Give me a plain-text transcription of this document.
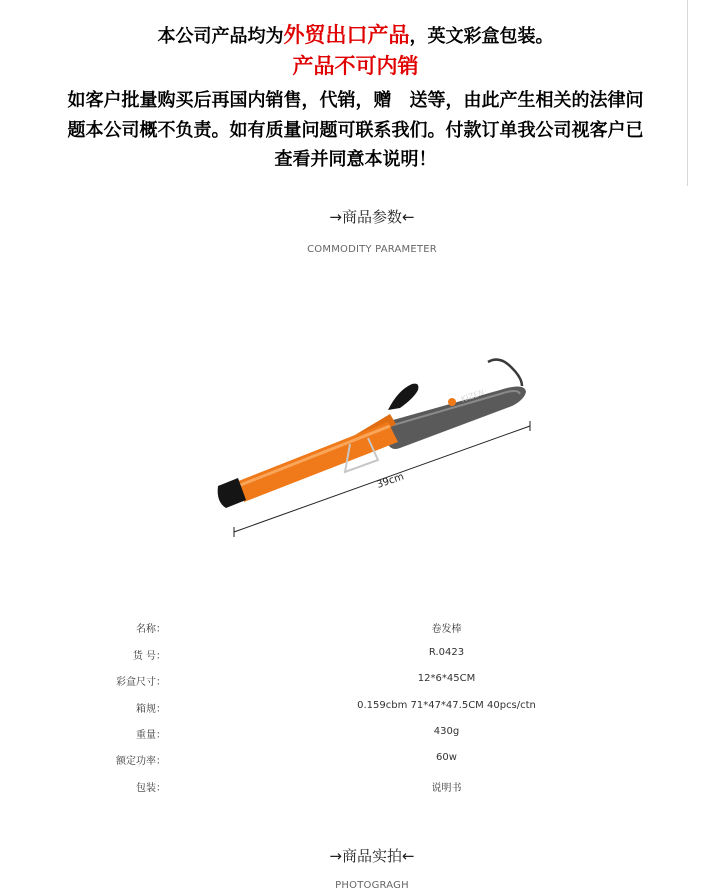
本公司产品均为外贸出口产品，英文彩盒包装。
产品不可内销
如客户批量购买后再国内销售，代销，赠　送等，由此产生相关的法律问
题本公司概不负责。如有质量问题可联系我们。付款订单我公司视客户已
查看并同意本说明！
→商品参数←
COMMODITY PARAMETER
KIZEN
39cm
名称：	卷发棒
货 号：	R.0423
彩盒尺寸：	12*6*45CM
箱规：	0.159cbm 71*47*47.5CM 40pcs/ctn
重量：	430g
额定功率：	60w
包装：	说明书
→商品实拍←
PHOTOGRAGH
